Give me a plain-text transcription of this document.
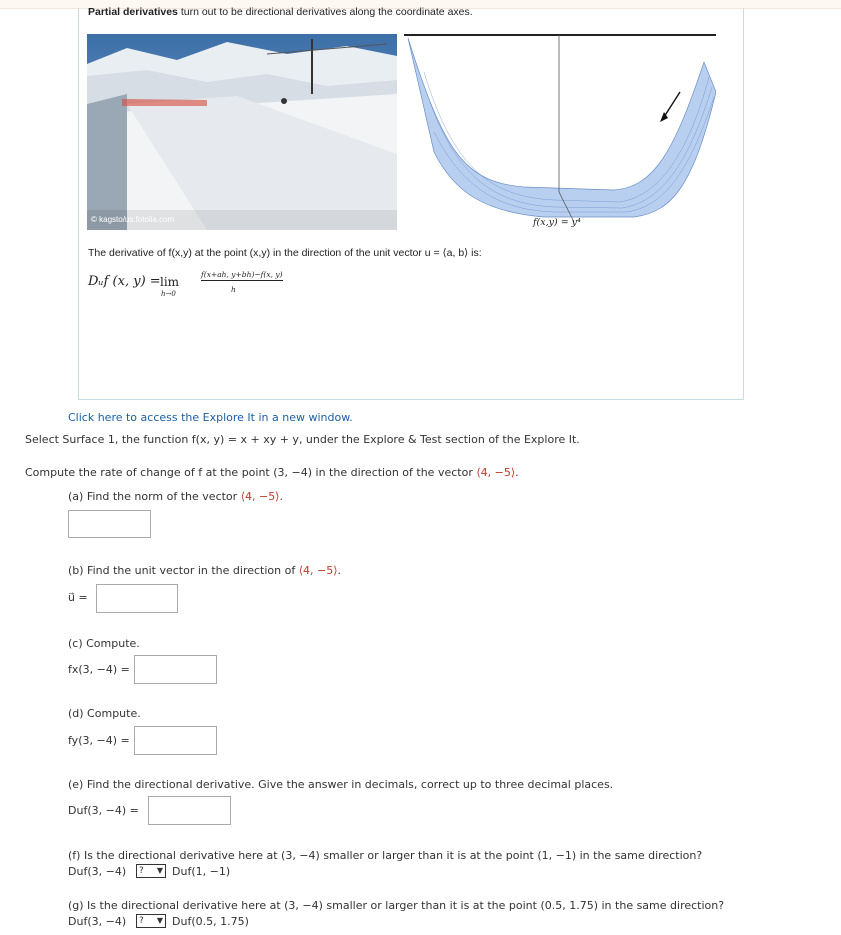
Partial derivatives turn out to be directional derivatives along the coordinate axes.
© kagsto/us.fotolia.com	f(x,y) = y⁴
The derivative of f(x,y) at the point (x,y) in the direction of the unit vector u = ⟨a, b⟩ is:
Dᵤf (x, y) = lim
h→0
f(x+ah, y+bh)−f(x, y)
h
Click here to access the Explore It in a new window.
Select Surface 1, the function f(x, y) = x + xy + y, under the Explore & Test section of the Explore It.
Compute the rate of change of f at the point (3, −4) in the direction of the vector ⟨4, −5⟩.
(a) Find the norm of the vector ⟨4, −5⟩.
(b) Find the unit vector in the direction of ⟨4, −5⟩.
u⃗ =
(c) Compute.
fx(3, −4) =
(d) Compute.
fy(3, −4) =
(e) Find the directional derivative. Give the answer in decimals, correct up to three decimal places.
Duf(3, −4) =
(f) Is the directional derivative here at (3, −4) smaller or larger than it is at the point (1, −1) in the same direction?
Duf(3, −4)	? ▼ Duf(1, −1)
(g) Is the directional derivative here at (3, −4) smaller or larger than it is at the point (0.5, 1.75) in the same direction?
Duf(3, −4)	? ▼ Duf(0.5, 1.75)
